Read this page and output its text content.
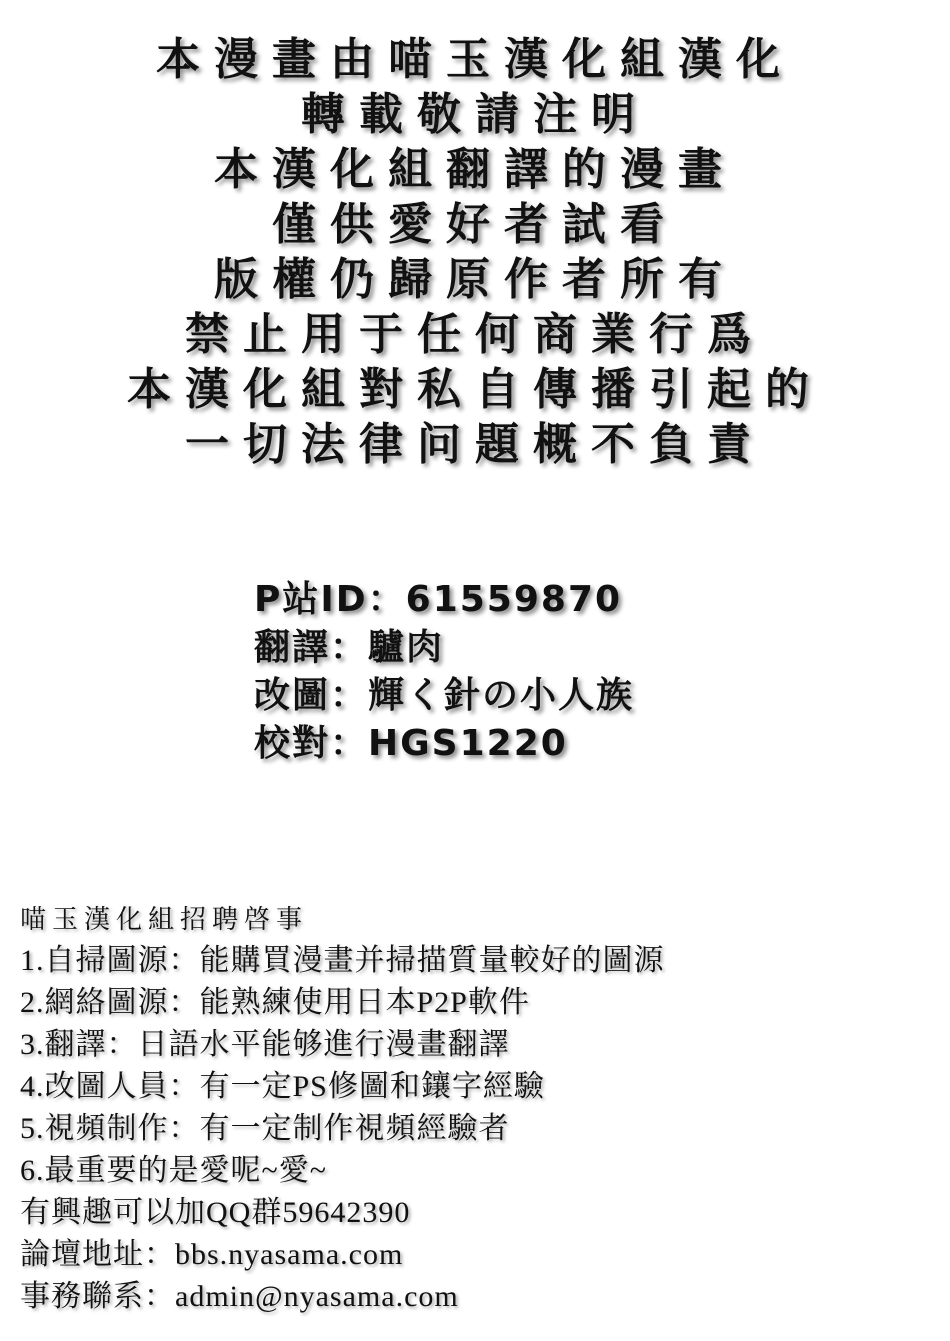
本漫畫由喵玉漢化組漢化
轉載敬請注明
本漢化組翻譯的漫畫
僅供愛好者試看
版權仍歸原作者所有
禁止用于任何商業行爲
本漢化組對私自傳播引起的
一切法律问題概不負責
P站ID：61559870
翻譯：驢肉
改圖：輝く針の小人族
校對：HGS1220
喵玉漢化組招聘啓事
1.自掃圖源：能購買漫畫并掃描質量較好的圖源
2.網絡圖源：能熟練使用日本P2P軟件
3.翻譯：日語水平能够進行漫畫翻譯
4.改圖人員：有一定PS修圖和鑲字經驗
5.視頻制作：有一定制作視頻經驗者
6.最重要的是愛呢~愛~
有興趣可以加QQ群59642390
論壇地址：bbs.nyasama.com
事務聯系：admin@nyasama.com
